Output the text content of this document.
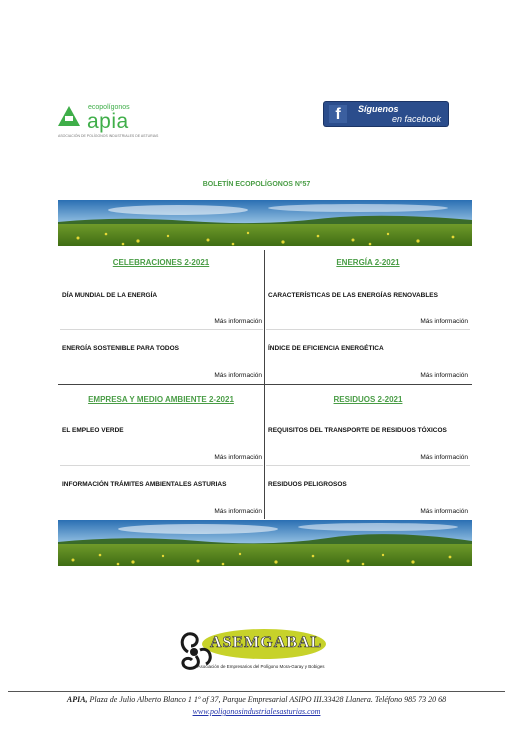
ecopolígonos
apia
ASOCIACIÓN DE POLÍGONOS INDUSTRIALES DE ASTURIAS
f	Síguenos
en facebook
BOLETÍN ECOPOLÍGONOS Nº57
CELEBRACIONES 2-2021
DÍA MUNDIAL DE LA ENERGÍA
Más información
ENERGÍA SOSTENIBLE PARA TODOS
Más información
ENERGÍA 2-2021
CARACTERÍSTICAS DE LAS ENERGÍAS RENOVABLES
Más información
ÍNDICE DE EFICIENCIA ENERGÉTICA
Más información
EMPRESA Y MEDIO AMBIENTE 2-2021
EL EMPLEO VERDE
Más información
INFORMACIÓN TRÁMITES AMBIENTALES ASTURIAS
Más información
RESIDUOS 2-2021
REQUISITOS DEL TRANSPORTE DE RESIDUOS TÓXICOS
Más información
RESIDUOS PELIGROSOS
Más información
ASEMGABAL
Asociación de Empresarios del Polígono Mora-Garay y Bobiges
APIA, Plaza de Julio Alberto Blanco 1 1º of 37, Parque Empresarial ASIPO III.33428 Llanera. Teléfono 985 73 20 68
www.poligonosindustrialesasturias.com
